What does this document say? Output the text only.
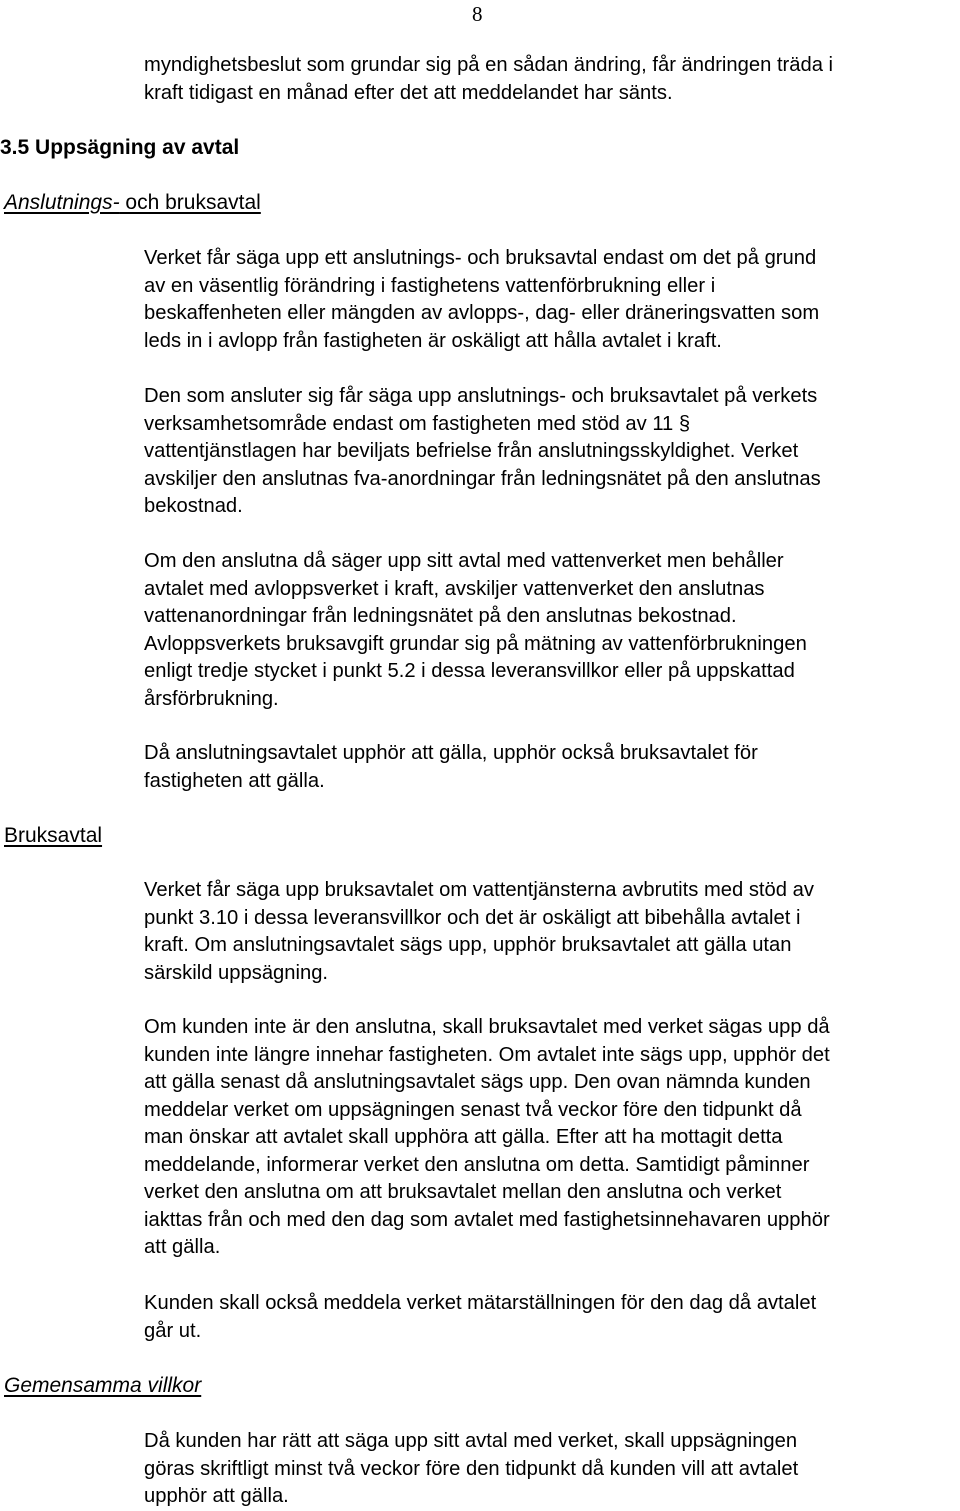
8
myndighetsbeslut som grundar sig på en sådan ändring, får ändringen träda i
kraft tidigast en månad efter det att meddelandet har sänts.
3.5 Uppsägning av avtal
Anslutnings- och bruksavtal
Verket får säga upp ett anslutnings- och bruksavtal endast om det på grund
av en väsentlig förändring i fastighetens vattenförbrukning eller i
beskaffenheten eller mängden av avlopps-, dag- eller dräneringsvatten som
leds in i avlopp från fastigheten är oskäligt att hålla avtalet i kraft.
Den som ansluter sig får säga upp anslutnings- och bruksavtalet på verkets
verksamhetsområde endast om fastigheten med stöd av 11 §
vattentjänstlagen har beviljats befrielse från anslutningsskyldighet. Verket
avskiljer den anslutnas fva-anordningar från ledningsnätet på den anslutnas
bekostnad.
Om den anslutna då säger upp sitt avtal med vattenverket men behåller
avtalet med avloppsverket i kraft, avskiljer vattenverket den anslutnas
vattenanordningar från ledningsnätet på den anslutnas bekostnad.
Avloppsverkets bruksavgift grundar sig på mätning av vattenförbrukningen
enligt tredje stycket i punkt 5.2 i dessa leveransvillkor eller på uppskattad
årsförbrukning.
Då anslutningsavtalet upphör att gälla, upphör också bruksavtalet för
fastigheten att gälla.
Bruksavtal
Verket får säga upp bruksavtalet om vattentjänsterna avbrutits med stöd av
punkt 3.10 i dessa leveransvillkor och det är oskäligt att bibehålla avtalet i
kraft. Om anslutningsavtalet sägs upp, upphör bruksavtalet att gälla utan
särskild uppsägning.
Om kunden inte är den anslutna, skall bruksavtalet med verket sägas upp då
kunden inte längre innehar fastigheten. Om avtalet inte sägs upp, upphör det
att gälla senast då anslutningsavtalet sägs upp. Den ovan nämnda kunden
meddelar verket om uppsägningen senast två veckor före den tidpunkt då
man önskar att avtalet skall upphöra att gälla. Efter att ha mottagit detta
meddelande, informerar verket den anslutna om detta. Samtidigt påminner
verket den anslutna om att bruksavtalet mellan den anslutna och verket
iakttas från och med den dag som avtalet med fastighetsinnehavaren upphör
att gälla.
Kunden skall också meddela verket mätarställningen för den dag då avtalet
går ut.
Gemensamma villkor
Då kunden har rätt att säga upp sitt avtal med verket, skall uppsägningen
göras skriftligt minst två veckor före den tidpunkt då kunden vill att avtalet
upphör att gälla.
